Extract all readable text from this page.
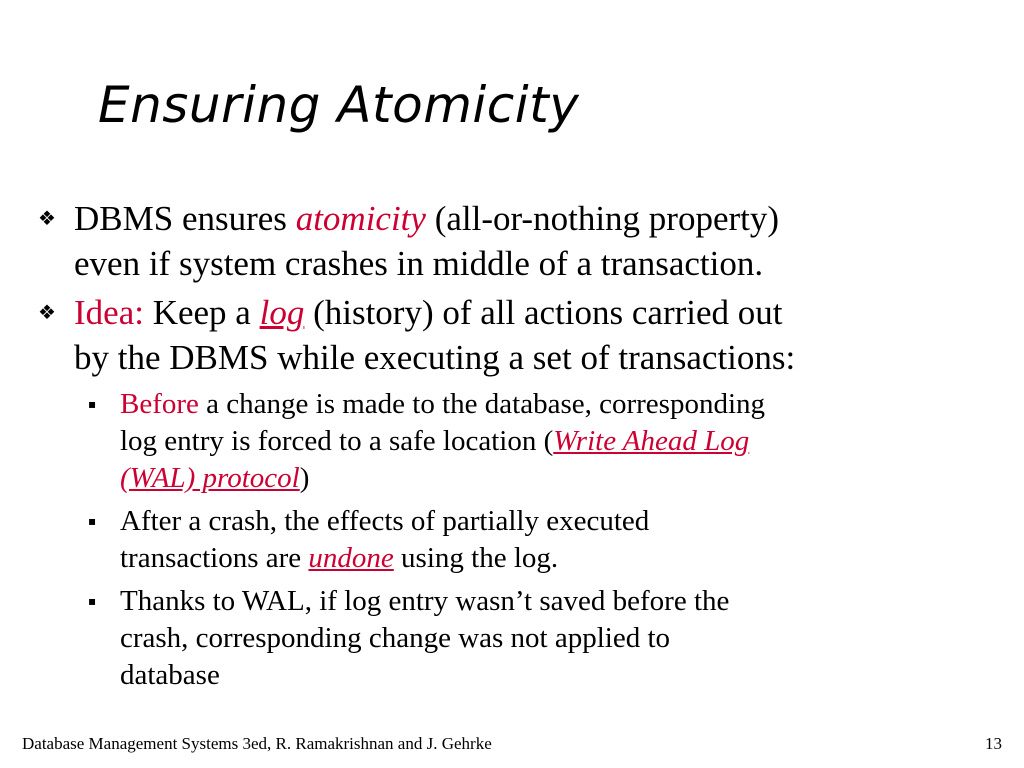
Ensuring Atomicity
❖ DBMS ensures atomicity (all-or-nothing property)
even if system crashes in middle of a transaction.
❖ Idea: Keep a log (history) of all actions carried out
by the DBMS while executing a set of transactions:
▪ Before a change is made to the database, corresponding
log entry is forced to a safe location (Write Ahead Log
(WAL) protocol)
▪ After a crash, the effects of partially executed
transactions are undone using the log.
▪ Thanks to WAL, if log entry wasn’t saved before the
crash, corresponding change was not applied to
database
Database Management Systems 3ed, R. Ramakrishnan and J. Gehrke	13
